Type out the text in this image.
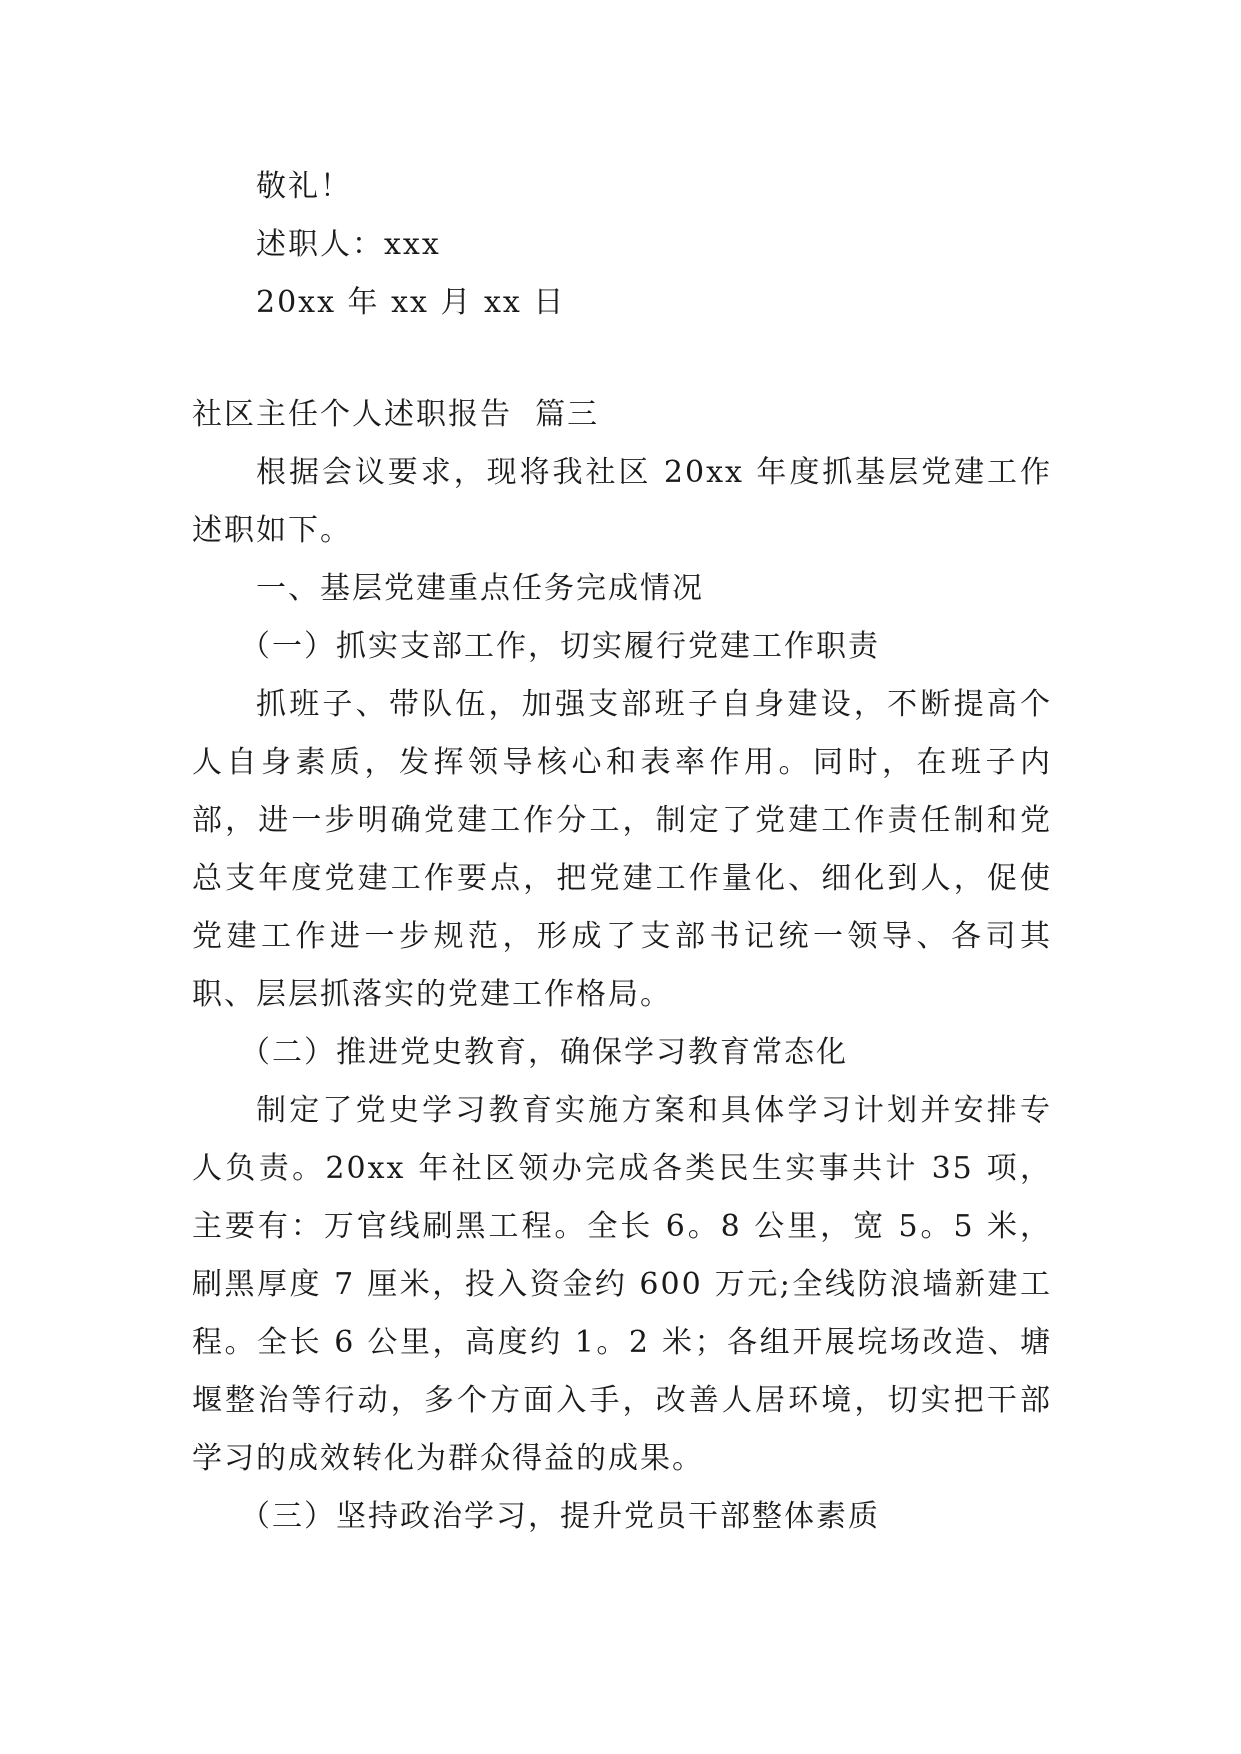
敬礼！
述职人：xxx
20xx 年 xx 月 xx 日
社区主任个人述职报告  篇三

根据会议要求，现将我社区 20xx 年度抓基层党建工作述职如下。

一、基层党建重点任务完成情况
（一）抓实支部工作，切实履行党建工作职责

抓班子、带队伍，加强支部班子自身建设，不断提高个人自身素质，发挥领导核心和表率作用。同时，在班子内部，进一步明确党建工作分工，制定了党建工作责任制和党总支年度党建工作要点，把党建工作量化、细化到人，促使党建工作进一步规范，形成了支部书记统一领导、各司其职、层层抓落实的党建工作格局。

（二）推进党史教育，确保学习教育常态化

制定了党史学习教育实施方案和具体学习计划并安排专人负责。20xx 年社区领办完成各类民生实事共计 35 项，主要有：万官线刷黑工程。全长 6。8 公里，宽 5。5 米，刷黑厚度 7 厘米，投入资金约 600 万元;全线防浪墙新建工程。全长 6 公里，高度约 1。2 米；各组开展垸场改造、塘堰整治等行动，多个方面入手，改善人居环境，切实把干部学习的成效转化为群众得益的成果。

（三）坚持政治学习，提升党员干部整体素质
